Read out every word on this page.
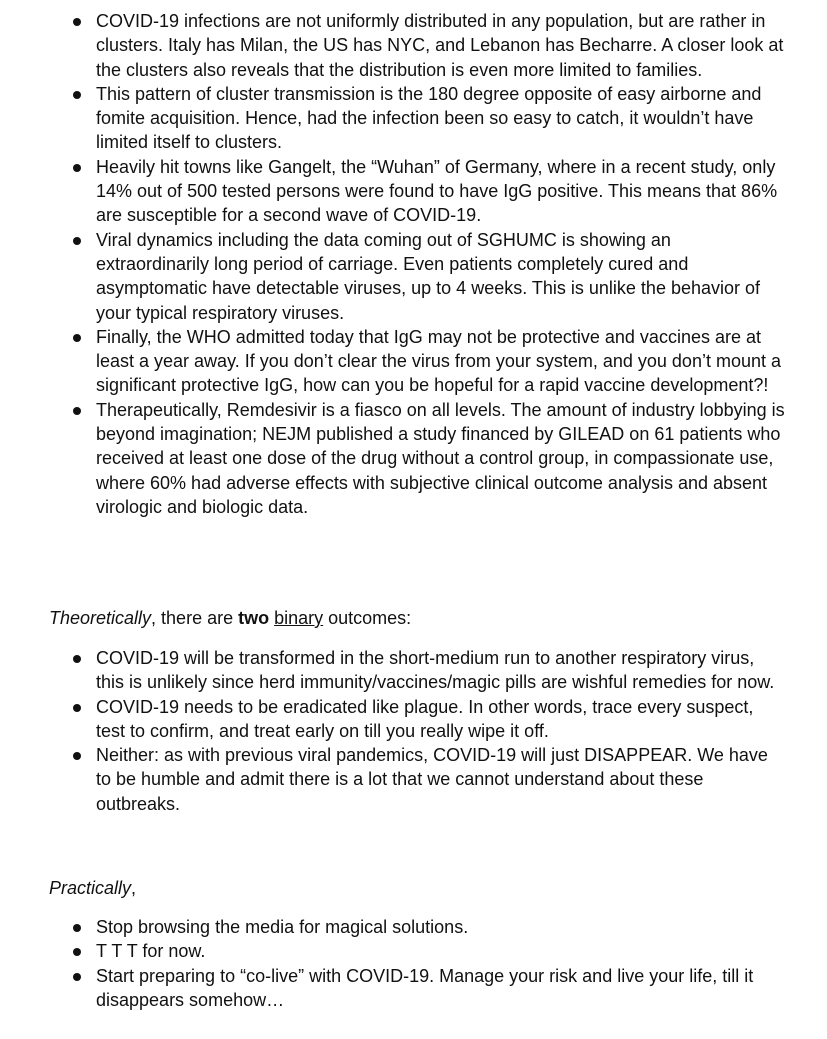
COVID-19 infections are not uniformly distributed in any population, but are rather in clusters. Italy has Milan, the US has NYC, and Lebanon has Becharre. A closer look at the clusters also reveals that the distribution is even more limited to families.
This pattern of cluster transmission is the 180 degree opposite of easy airborne and fomite acquisition. Hence, had the infection been so easy to catch, it wouldn’t have limited itself to clusters.
Heavily hit towns like Gangelt, the “Wuhan” of Germany, where in a recent study, only 14% out of 500 tested persons were found to have IgG positive. This means that 86% are susceptible for a second wave of COVID-19.
Viral dynamics including the data coming out of SGHUMC is showing an extraordinarily long period of carriage. Even patients completely cured and asymptomatic have detectable viruses, up to 4 weeks. This is unlike the behavior of your typical respiratory viruses.
Finally, the WHO admitted today that IgG may not be protective and vaccines are at least a year away. If you don’t clear the virus from your system, and you don’t mount a significant protective IgG, how can you be hopeful for a rapid vaccine development?!
Therapeutically, Remdesivir is a fiasco on all levels. The amount of industry lobbying is beyond imagination; NEJM published a study financed by GILEAD on 61 patients who received at least one dose of the drug without a control group, in compassionate use, where 60% had adverse effects with subjective clinical outcome analysis and absent virologic and biologic data.

Theoretically, there are two binary outcomes:

COVID-19 will be transformed in the short-medium run to another respiratory virus, this is unlikely since herd immunity/vaccines/magic pills are wishful remedies for now.
COVID-19 needs to be eradicated like plague. In other words, trace every suspect, test to confirm, and treat early on till you really wipe it off.
Neither: as with previous viral pandemics, COVID-19 will just DISAPPEAR. We have to be humble and admit there is a lot that we cannot understand about these outbreaks.

Practically,

Stop browsing the media for magical solutions.
T T T for now.
Start preparing to “co-live” with COVID-19. Manage your risk and live your life, till it disappears somehow…
